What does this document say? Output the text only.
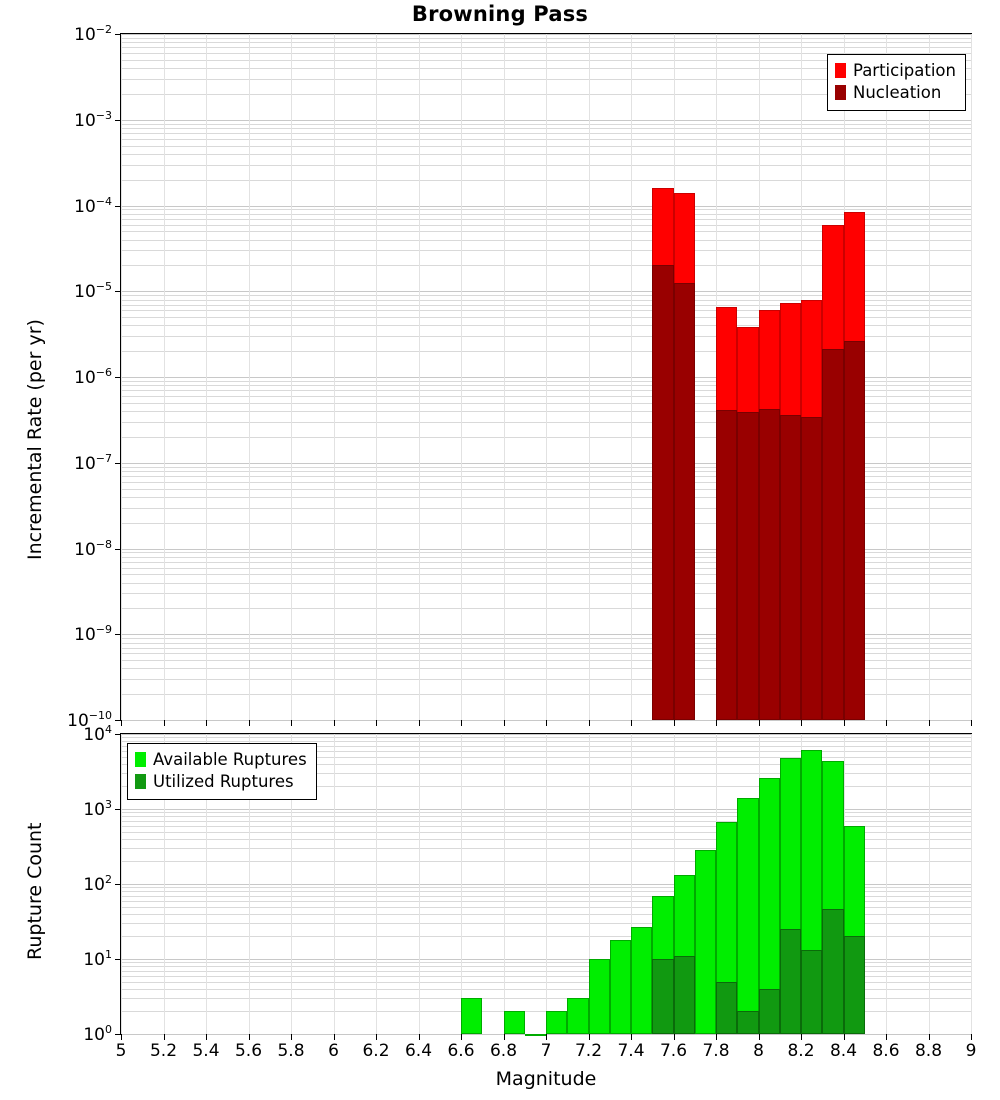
Browning Pass
$10^{-2}$
$10^{-3}$
$10^{-4}$
$10^{-5}$
$10^{-6}$
$10^{-7}$
$10^{-8}$
$10^{-9}$
$10^{-10}$
Participation
Nucleation
Incremental Rate (per yr)
$10^4$
$10^3$
$10^2$
$10^1$
$10^0$
5 5.2 5.4 5.6 5.8 6 6.2 6.4 6.6 6.8 7 7.2 7.4 7.6 7.8 8 8.2 8.4 8.6 8.8 9
Available Ruptures
Utilized Ruptures
Rupture Count
Magnitude
